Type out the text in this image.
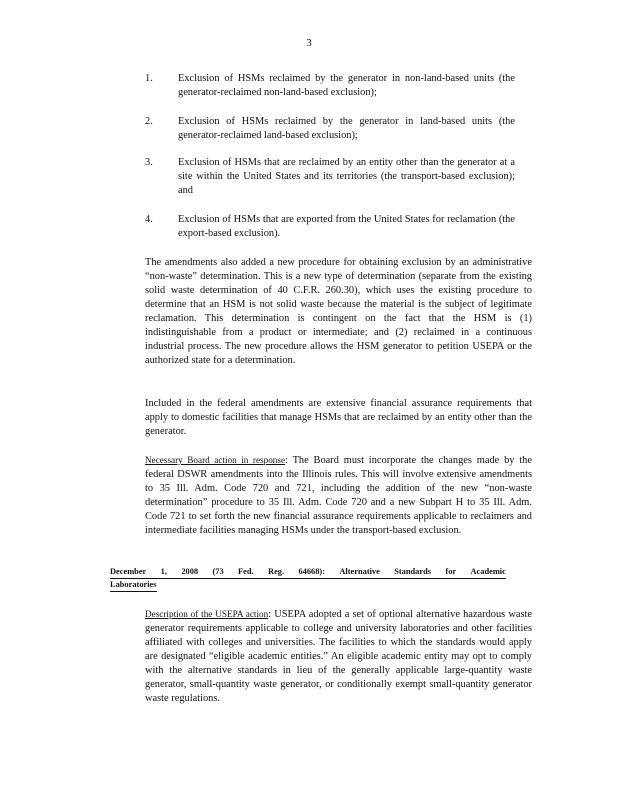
3
1. Exclusion of HSMs reclaimed by the generator in non-land-based units (the generator-reclaimed non-land-based exclusion);
2. Exclusion of HSMs reclaimed by the generator in land-based units (the generator-reclaimed land-based exclusion);
3. Exclusion of HSMs that are reclaimed by an entity other than the generator at a site within the United States and its territories (the transport-based exclusion); and
4. Exclusion of HSMs that are exported from the United States for reclamation (the export-based exclusion).

The amendments also added a new procedure for obtaining exclusion by an administrative “non-waste” determination. This is a new type of determination (separate from the existing solid waste determination of 40 C.F.R. 260.30), which uses the existing procedure to determine that an HSM is not solid waste because the material is the subject of legitimate reclamation. This determination is contingent on the fact that the HSM is (1) indistinguishable from a product or intermediate; and (2) reclaimed in a continuous industrial process. The new procedure allows the HSM generator to petition USEPA or the authorized state for a determination.

Included in the federal amendments are extensive financial assurance requirements that apply to domestic facilities that manage HSMs that are reclaimed by an entity other than the generator.

Necessary Board action in response: The Board must incorporate the changes made by the federal DSWR amendments into the Illinois rules. This will involve extensive amendments to 35 Ill. Adm. Code 720 and 721, including the addition of the new “non-waste determination” procedure to 35 Ill. Adm. Code 720 and a new Subpart H to 35 Ill. Adm. Code 721 to set forth the new financial assurance requirements applicable to reclaimers and intermediate facilities managing HSMs under the transport-based exclusion.

December 1, 2008 (73 Fed. Reg. 64668): Alternative Standards for Academic
Laboratories

Description of the USEPA action: USEPA adopted a set of optional alternative hazardous waste generator requirements applicable to college and university laboratories and other facilities affiliated with colleges and universities. The facilities to which the standards would apply are designated “eligible academic entities.” An eligible academic entity may opt to comply with the alternative standards in lieu of the generally applicable large-quantity waste generator, small-quantity waste generator, or conditionally exempt small-quantity generator waste regulations.
